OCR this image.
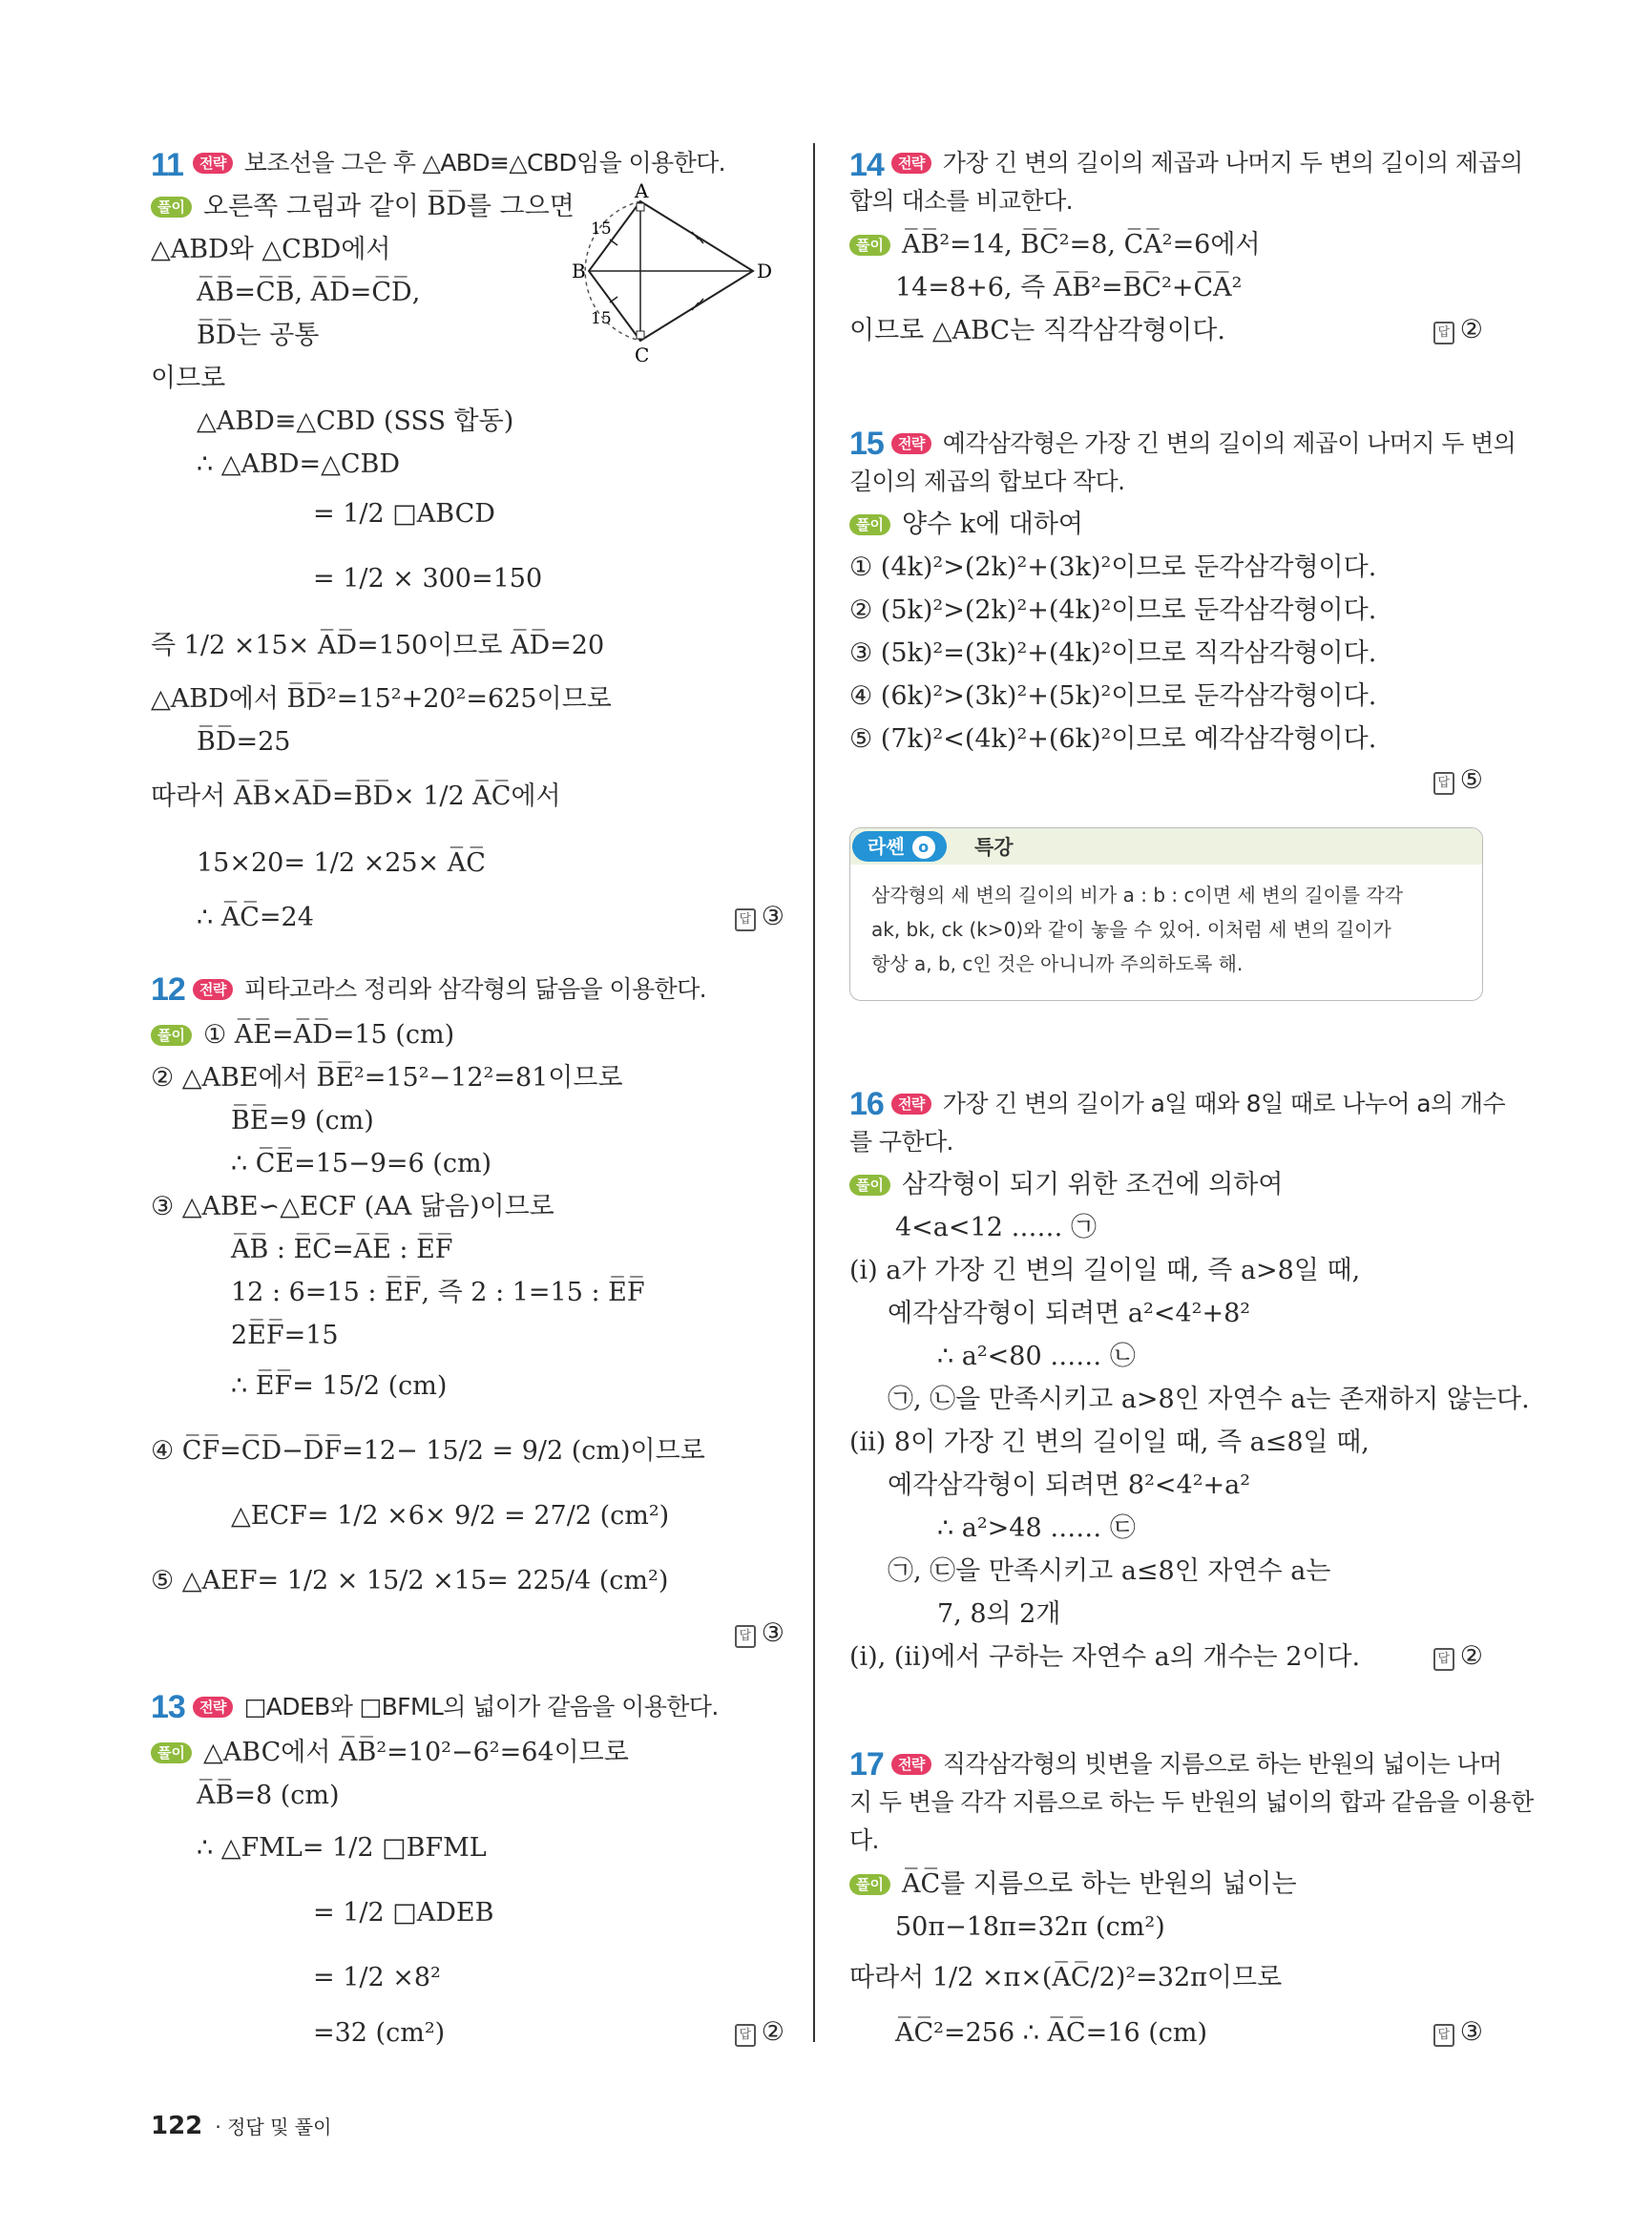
11	전략 보조선을 그은 후 △ABD≡△CBD임을 이용한다.
풀이 오른쪽 그림과 같이 B̅D̅를 그으면
△ABD와 △CBD에서
A̅B̅=C̅B̅, A̅D̅=C̅D̅,
B̅D̅는 공통
이므로
△ABD≡△CBD (SSS 합동)
∴ △ABD=△CBD
= 1/2 □ABCD
= 1/2 × 300=150
즉 1/2 ×15× A̅D̅=150이므로 A̅D̅=20
△ABD에서 B̅D̅²=15²+20²=625이므로
B̅D̅=25
따라서 A̅B̅×A̅D̅=B̅D̅× 1/2 A̅C̅에서
15×20= 1/2 ×25× A̅C̅
∴ A̅C̅=24	답 ③
A
B
C
D
15
15
12	전략 피타고라스 정리와 삼각형의 닮음을 이용한다.
풀이 ① A̅E̅=A̅D̅=15 (cm)
② △ABE에서 B̅E̅²=15²−12²=81이므로
B̅E̅=9 (cm)
∴ C̅E̅=15−9=6 (cm)
③ △ABE∽△ECF (AA 닮음)이므로
A̅B̅ : E̅C̅=A̅E̅ : E̅F̅
12 : 6=15 : E̅F̅, 즉 2 : 1=15 : E̅F̅
2E̅F̅=15
∴ E̅F̅= 15/2 (cm)
④ C̅F̅=C̅D̅−D̅F̅=12− 15/2 = 9/2 (cm)이므로
△ECF= 1/2 ×6× 9/2 = 27/2 (cm²)
⑤ △AEF= 1/2 × 15/2 ×15= 225/4 (cm²)
답 ③
13	전략 □ADEB와 □BFML의 넓이가 같음을 이용한다.
풀이 △ABC에서 A̅B̅²=10²−6²=64이므로
A̅B̅=8 (cm)
∴ △FML= 1/2 □BFML
= 1/2 □ADEB
= 1/2 ×8²
=32 (cm²)	답 ②
14	전략 가장 긴 변의 길이의 제곱과 나머지 두 변의 길이의 제곱의
합의 대소를 비교한다.
풀이 A̅B̅²=14, B̅C̅²=8, C̅A̅²=6에서
14=8+6, 즉 A̅B̅²=B̅C̅²+C̅A̅²
이므로 △ABC는 직각삼각형이다.	답 ②
15	전략 예각삼각형은 가장 긴 변의 길이의 제곱이 나머지 두 변의
길이의 제곱의 합보다 작다.
풀이 양수 k에 대하여
① (4k)²>(2k)²+(3k)²이므로 둔각삼각형이다.
② (5k)²>(2k)²+(4k)²이므로 둔각삼각형이다.
③ (5k)²=(3k)²+(4k)²이므로 직각삼각형이다.
④ (6k)²>(3k)²+(5k)²이므로 둔각삼각형이다.
⑤ (7k)²<(4k)²+(6k)²이므로 예각삼각형이다.
답 ⑤
라쎈 o	특강
삼각형의 세 변의 길이의 비가 a : b : c이면 세 변의 길이를 각각
ak, bk, ck (k>0)와 같이 놓을 수 있어. 이처럼 세 변의 길이가
항상 a, b, c인 것은 아니니까 주의하도록 해.
16	전략 가장 긴 변의 길이가 a일 때와 8일 때로 나누어 a의 개수
를 구한다.
풀이 삼각형이 되기 위한 조건에 의하여
4<a<12 …… ㉠
(ⅰ) a가 가장 긴 변의 길이일 때, 즉 a>8일 때,
예각삼각형이 되려면 a²<4²+8²
∴ a²<80 …… ㉡
㉠, ㉡을 만족시키고 a>8인 자연수 a는 존재하지 않는다.
(ⅱ) 8이 가장 긴 변의 길이일 때, 즉 a≤8일 때,
예각삼각형이 되려면 8²<4²+a²
∴ a²>48 …… ㉢
㉠, ㉢을 만족시키고 a≤8인 자연수 a는
7, 8의 2개
(ⅰ), (ⅱ)에서 구하는 자연수 a의 개수는 2이다.	답 ②
17	전략 직각삼각형의 빗변을 지름으로 하는 반원의 넓이는 나머
지 두 변을 각각 지름으로 하는 두 반원의 넓이의 합과 같음을 이용한
다.
풀이 A̅C̅를 지름으로 하는 반원의 넓이는
50π−18π=32π (cm²)
따라서 1/2 ×π×(A̅C̅/2)²=32π이므로
A̅C̅²=256 ∴ A̅C̅=16 (cm)	답 ③
122 · 정답 및 풀이
